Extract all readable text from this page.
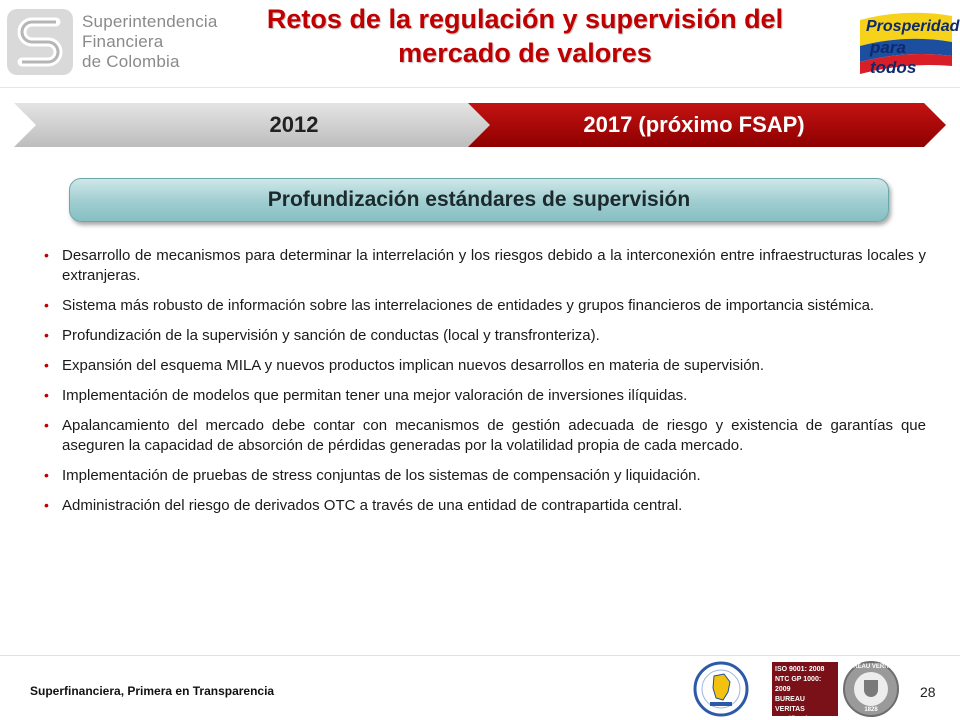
Superintendencia
Financiera
de Colombia
Retos de la regulación y supervisión del
mercado de valores
Prosperidad
para todos
2012	2017 (próximo FSAP)
Profundización estándares de supervisión
• Desarrollo de mecanismos para determinar la interrelación y los riesgos debido a la interconexión entre infraestructuras locales y extranjeras.
• Sistema más robusto de información sobre las interrelaciones de entidades y grupos financieros de importancia sistémica.
• Profundización de la supervisión y sanción de conductas (local y transfronteriza).
• Expansión del esquema MILA y nuevos productos implican nuevos desarrollos en materia de supervisión.
• Implementación de modelos que permitan tener una mejor valoración de inversiones ilíquidas.
• Apalancamiento del mercado debe contar con mecanismos de gestión adecuada de riesgo y existencia de garantías que aseguren la capacidad de absorción de pérdidas generadas por la volatilidad propia de cada mercado.
• Implementación de pruebas de stress conjuntas de los sistemas de compensación y liquidación.
• Administración del riesgo de derivados OTC a través de una entidad de contrapartida central.
Superfinanciera, Primera en Transparencia
ISO 9001: 2008
NTC GP 1000: 2009
BUREAU VERITAS
Certification
BUREAU VERITAS
1828
28
